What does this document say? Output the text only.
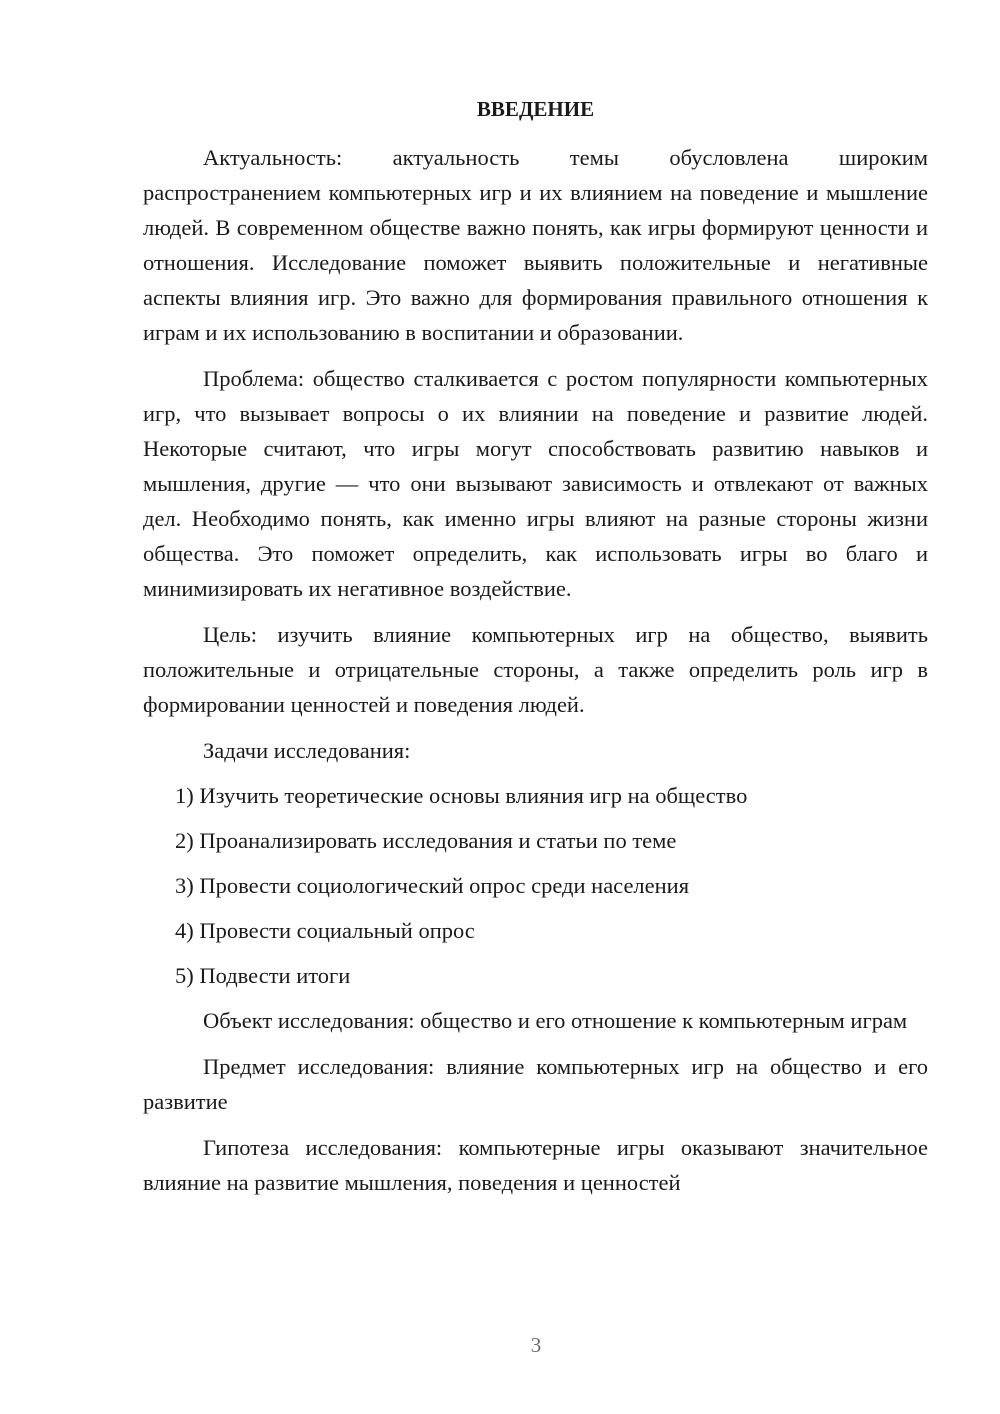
ВВЕДЕНИЕ

Актуальность: актуальность темы обусловлена широким распространением компьютерных игр и их влиянием на поведение и мышление людей. В современном обществе важно понять, как игры формируют ценности и отношения. Исследование поможет выявить положительные и негативные аспекты влияния игр. Это важно для формирования правильного отношения к играм и их использованию в воспитании и образовании.

Проблема: общество сталкивается с ростом популярности компьютерных игр, что вызывает вопросы о их влиянии на поведение и развитие людей. Некоторые считают, что игры могут способствовать развитию навыков и мышления, другие — что они вызывают зависимость и отвлекают от важных дел. Необходимо понять, как именно игры влияют на разные стороны жизни общества. Это поможет определить, как использовать игры во благо и минимизировать их негативное воздействие.

Цель: изучить влияние компьютерных игр на общество, выявить положительные и отрицательные стороны, а также определить роль игр в формировании ценностей и поведения людей.

Задачи исследования:

1) Изучить теоретические основы влияния игр на общество

2) Проанализировать исследования и статьи по теме

3) Провести социологический опрос среди населения

4) Провести социальный опрос

5) Подвести итоги

Объект исследования: общество и его отношение к компьютерным играм

Предмет исследования: влияние компьютерных игр на общество и его развитие

Гипотеза исследования: компьютерные игры оказывают значительное влияние на развитие мышления, поведения и ценностей

3
